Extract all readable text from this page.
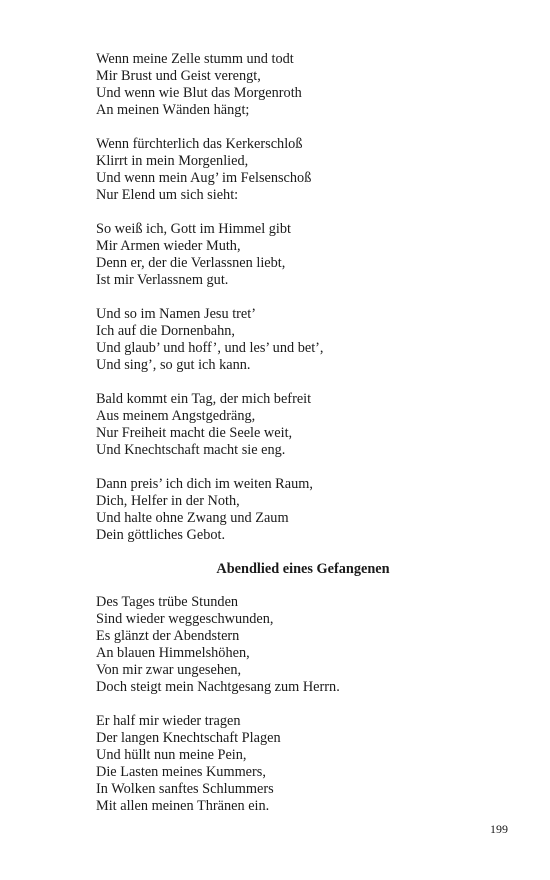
Wenn meine Zelle stumm und todt
Mir Brust und Geist verengt,
Und wenn wie Blut das Morgenroth
An meinen Wänden hängt;
Wenn fürchterlich das Kerkerschloß
Klirrt in mein Morgenlied,
Und wenn mein Aug’ im Felsenschoß
Nur Elend um sich sieht:
So weiß ich, Gott im Himmel gibt
Mir Armen wieder Muth,
Denn er, der die Verlassnen liebt,
Ist mir Verlassnem gut.
Und so im Namen Jesu tret’
Ich auf die Dornenbahn,
Und glaub’ und hoff’, und les’ und bet’,
Und sing’, so gut ich kann.
Bald kommt ein Tag, der mich befreit
Aus meinem Angstgedräng,
Nur Freiheit macht die Seele weit,
Und Knechtschaft macht sie eng.
Dann preis’ ich dich im weiten Raum,
Dich, Helfer in der Noth,
Und halte ohne Zwang und Zaum
Dein göttliches Gebot.
Abendlied eines Gefangenen
Des Tages trübe Stunden
Sind wieder weggeschwunden,
Es glänzt der Abendstern
An blauen Himmelshöhen,
Von mir zwar ungesehen,
Doch steigt mein Nachtgesang zum Herrn.
Er half mir wieder tragen
Der langen Knechtschaft Plagen
Und hüllt nun meine Pein,
Die Lasten meines Kummers,
In Wolken sanftes Schlummers
Mit allen meinen Thränen ein.
199
